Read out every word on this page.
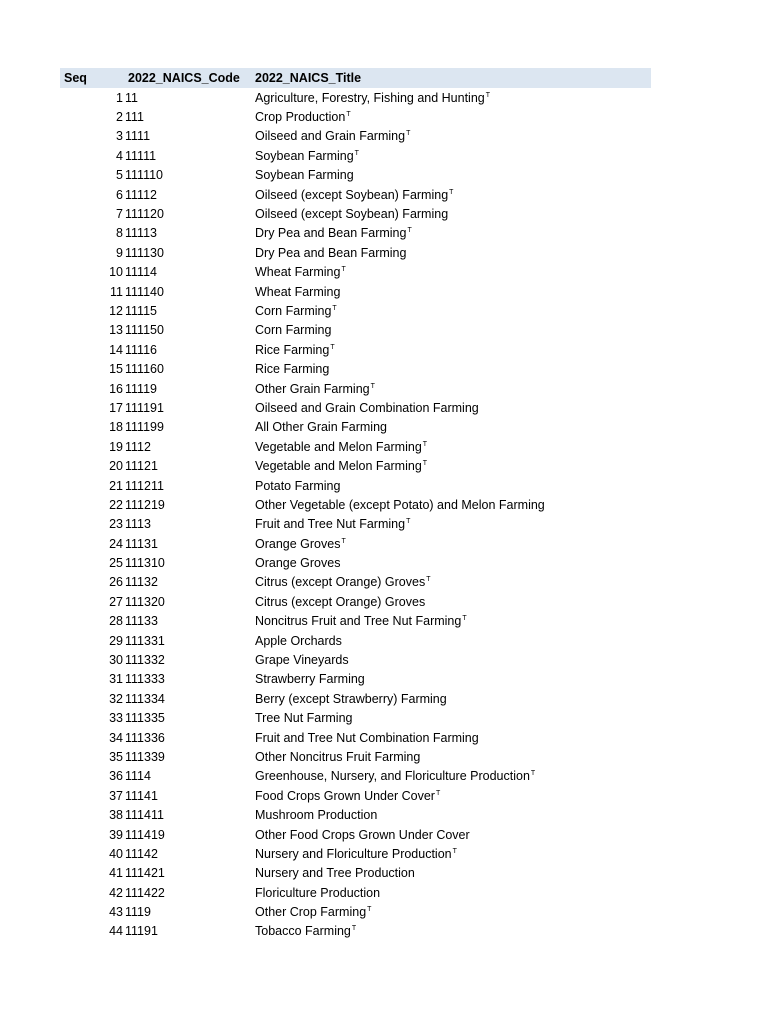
Seq	2022_NAICS_Code	2022_NAICS_Title
1 11	Agriculture, Forestry, Fishing and Hunting$^T$
2 111	Crop Production$^T$
3 1111	Oilseed and Grain Farming$^T$
4 11111	Soybean Farming$^T$
5 111110	Soybean Farming
6 11112	Oilseed (except Soybean) Farming$^T$
7 111120	Oilseed (except Soybean) Farming
8 11113	Dry Pea and Bean Farming$^T$
9 111130	Dry Pea and Bean Farming
10 11114	Wheat Farming$^T$
11 111140	Wheat Farming
12 11115	Corn Farming$^T$
13 111150	Corn Farming
14 11116	Rice Farming$^T$
15 111160	Rice Farming
16 11119	Other Grain Farming$^T$
17 111191	Oilseed and Grain Combination Farming
18 111199	All Other Grain Farming
19 1112	Vegetable and Melon Farming$^T$
20 11121	Vegetable and Melon Farming$^T$
21 111211	Potato Farming
22 111219	Other Vegetable (except Potato) and Melon Farming
23 1113	Fruit and Tree Nut Farming$^T$
24 11131	Orange Groves$^T$
25 111310	Orange Groves
26 11132	Citrus (except Orange) Groves$^T$
27 111320	Citrus (except Orange) Groves
28 11133	Noncitrus Fruit and Tree Nut Farming$^T$
29 111331	Apple Orchards
30 111332	Grape Vineyards
31 111333	Strawberry Farming
32 111334	Berry (except Strawberry) Farming
33 111335	Tree Nut Farming
34 111336	Fruit and Tree Nut Combination Farming
35 111339	Other Noncitrus Fruit Farming
36 1114	Greenhouse, Nursery, and Floriculture Production$^T$
37 11141	Food Crops Grown Under Cover$^T$
38 111411	Mushroom Production
39 111419	Other Food Crops Grown Under Cover
40 11142	Nursery and Floriculture Production$^T$
41 111421	Nursery and Tree Production
42 111422	Floriculture Production
43 1119	Other Crop Farming$^T$
44 11191	Tobacco Farming$^T$
